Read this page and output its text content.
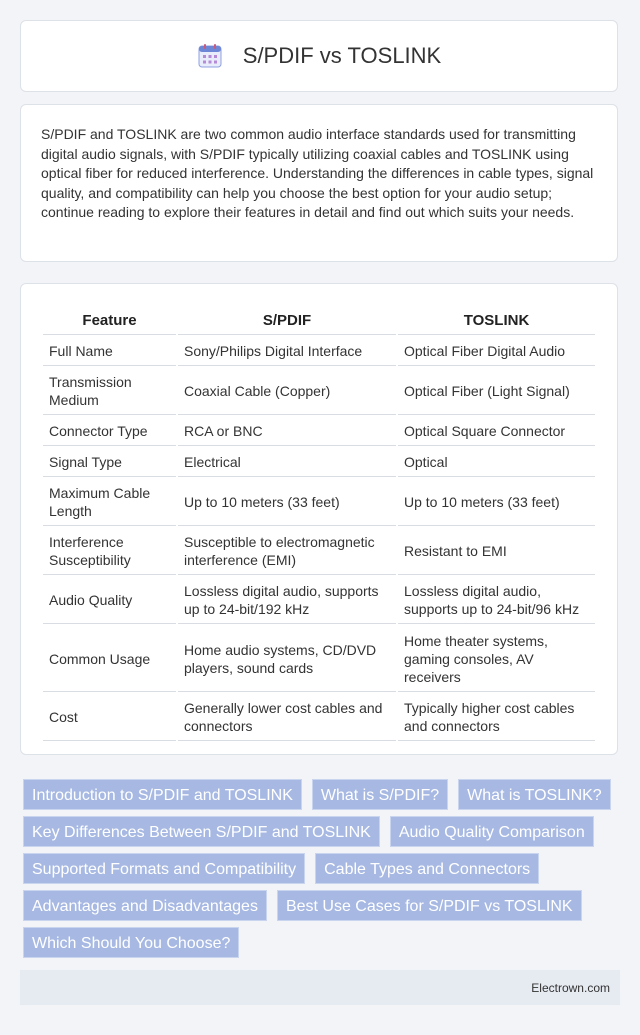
S/PDIF vs TOSLINK

S/PDIF and TOSLINK are two common audio interface standards used for transmitting digital audio signals, with S/PDIF typically utilizing coaxial cables and TOSLINK using optical fiber for reduced interference. Understanding the differences in cable types, signal quality, and compatibility can help you choose the best option for your audio setup; continue reading to explore their features in detail and find out which suits your needs.

Feature	S/PDIF	TOSLINK
Full Name	Sony/Philips Digital Interface	Optical Fiber Digital Audio
Transmission Medium	Coaxial Cable (Copper)	Optical Fiber (Light Signal)
Connector Type	RCA or BNC	Optical Square Connector
Signal Type	Electrical	Optical
Maximum Cable Length	Up to 10 meters (33 feet)	Up to 10 meters (33 feet)
Interference Susceptibility	Susceptible to electromagnetic interference (EMI)	Resistant to EMI
Audio Quality	Lossless digital audio, supports up to 24-bit/192 kHz	Lossless digital audio, supports up to 24-bit/96 kHz
Common Usage	Home audio systems, CD/DVD players, sound cards	Home theater systems, gaming consoles, AV receivers
Cost	Generally lower cost cables and connectors	Typically higher cost cables and connectors
Introduction to S/PDIF and TOSLINK	What is S/PDIF?	What is TOSLINK?
Key Differences Between S/PDIF and TOSLINK	Audio Quality Comparison
Supported Formats and Compatibility	Cable Types and Connectors
Advantages and Disadvantages	Best Use Cases for S/PDIF vs TOSLINK
Which Should You Choose?
Electrown.com
